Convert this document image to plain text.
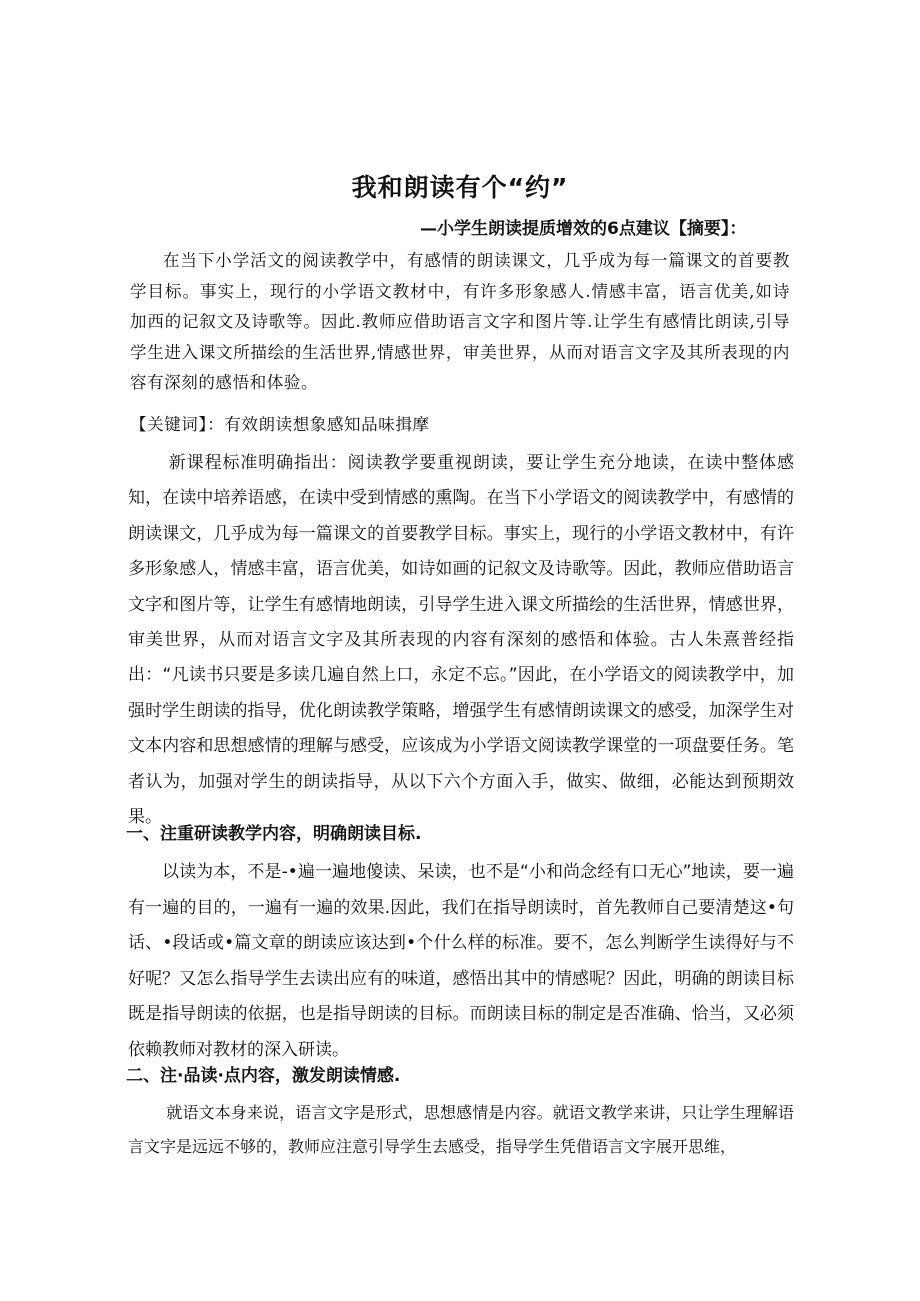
我和朗读有个“约”
—小学生朗读提质增效的6点建议【摘要】：
在当下小学活文的阅读教学中，有感情的朗读课文，几乎成为每一篇课文的首要教学目标。事实上，现行的小学语文教材中，有许多形象感人.情感丰富，语言优美,如诗加西的记叙文及诗歌等。因此.教师应借助语言文字和图片等.让学生有感情比朗读,引导学生进入课文所描绘的生活世界,情感世界，审美世界，从而对语言文字及其所表现的内容有深刻的感悟和体验。
【关键词】：有效朗读想象感知品味揖摩
新课程标准明确指出：阅读教学要重视朗读，要让学生充分地读，在读中整体感知，在读中培养语感，在读中受到情感的熏陶。在当下小学语文的阅读教学中，有感情的朗读课文，几乎成为每一篇课文的首要教学目标。事实上，现行的小学语文教材中，有许多形象感人，情感丰富，语言优美，如诗如画的记叙文及诗歌等。因此，教师应借助语言文字和图片等，让学生有感情地朗读，引导学生进入课文所描绘的生活世界，情感世界，审美世界，从而对语言文字及其所表现的内容有深刻的感悟和体验。古人朱熹普经指出：“凡读书只要是多读几遍自然上口，永定不忘。”因此，在小学语文的阅读教学中，加强时学生朗读的指导，优化朗读教学策略，增强学生有感情朗读课文的感受，加深学生对文本内容和思想感情的理解与感受，应该成为小学语文阅读教学课堂的一项盘要任务。笔者认为，加强对学生的朗读指导，从以下六个方面入手，做实、做细，必能达到预期效果。
一、注重研读教学内容，明确朗读目标.
以读为本，不是-•遍一遍地傻读、呆读，也不是“小和尚念经有口无心”地读，要一遍有一遍的目的，一遍有一遍的效果.因此，我们在指导朗读时，首先教师自己要清楚这•句话、•段话或•篇文章的朗读应该达到•个什么样的标准。要不，怎么判断学生读得好与不好呢？又怎么指导学生去读出应有的味道，感悟出其中的情感呢？因此，明确的朗读目标既是指导朗读的依据，也是指导朗读的目标。而朗读目标的制定是否准确、恰当，又必须依赖教师对教材的深入研读。
二、注·品读·点内容，激发朗读情感.
就语文本身来说，语言文字是形式，思想感情是内容。就语文教学来讲，只让学生理解语言文字是远远不够的，教师应注意引导学生去感受，指导学生凭借语言文字展开思维，
